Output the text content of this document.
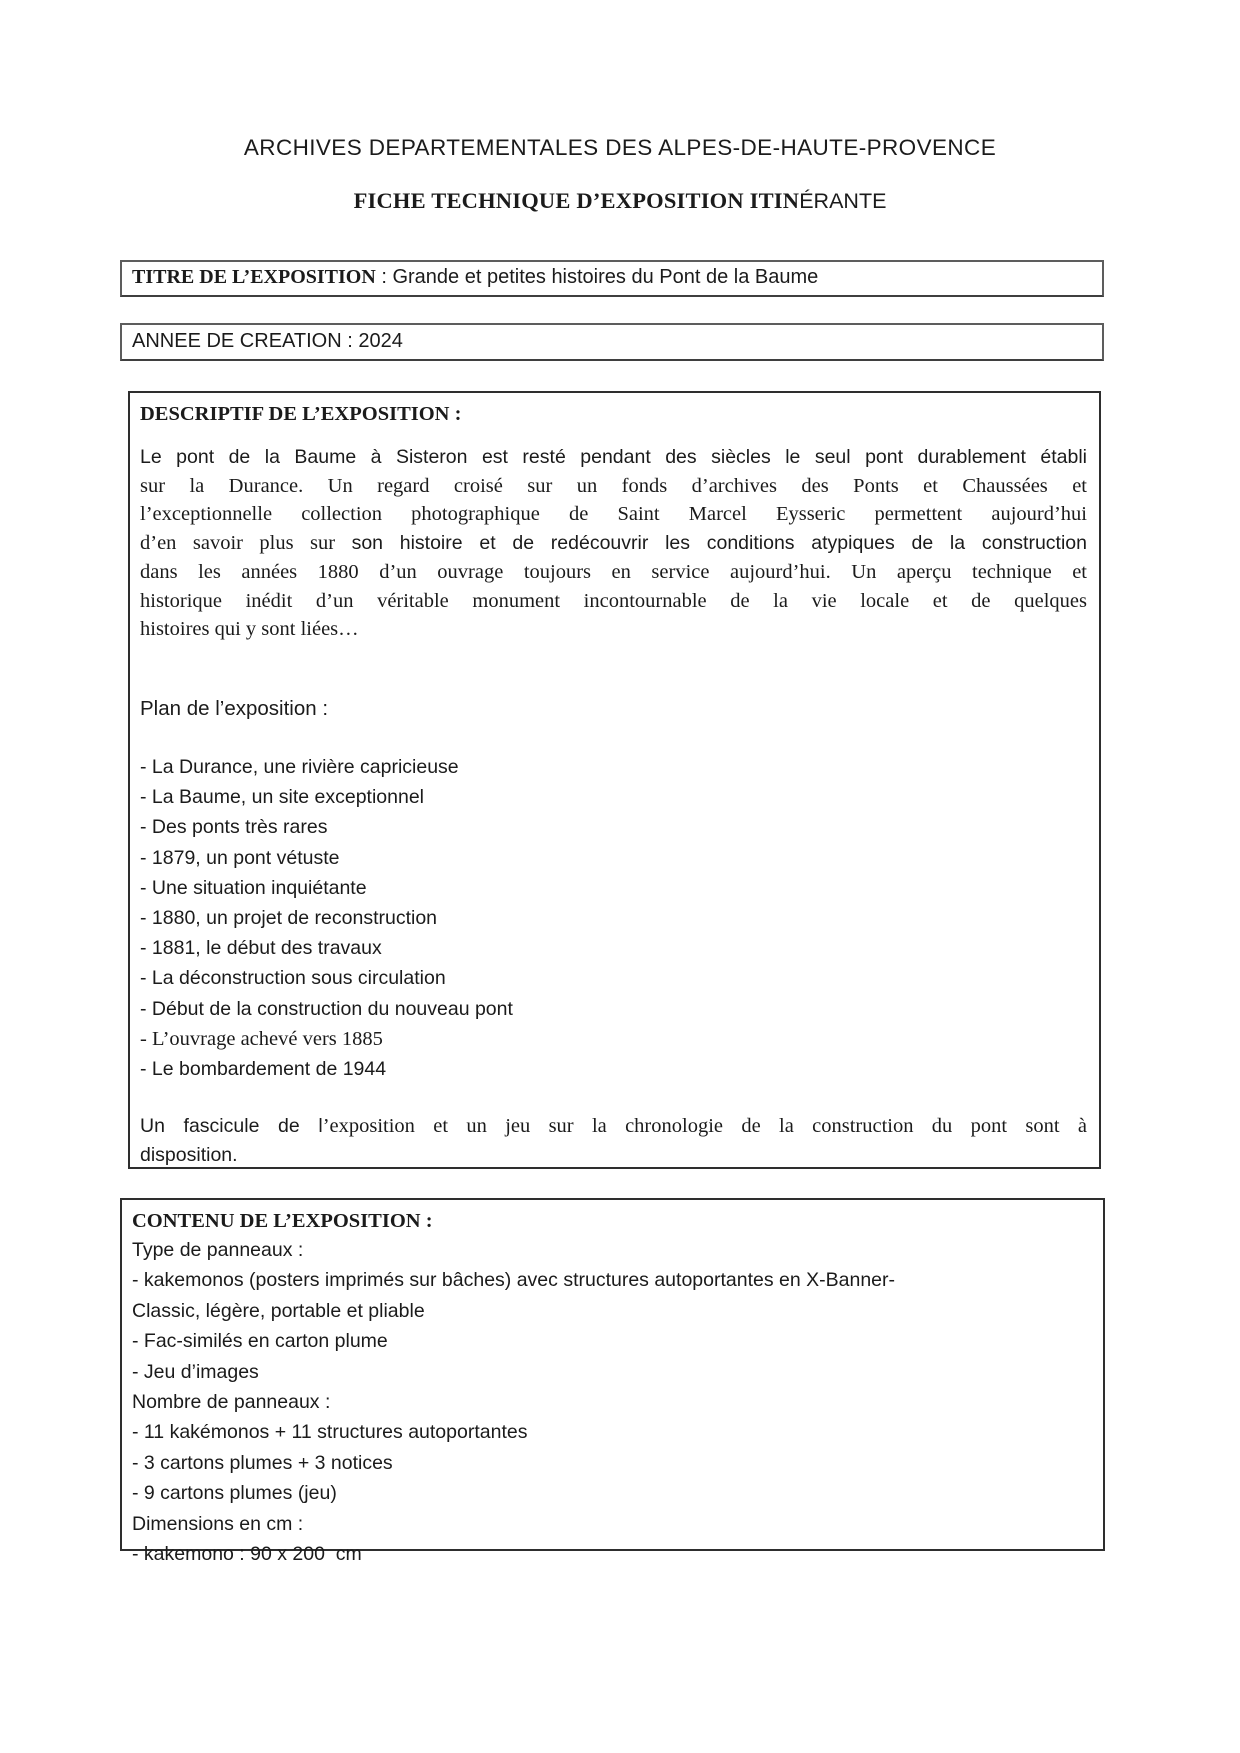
ARCHIVES DEPARTEMENTALES DES ALPES-DE-HAUTE-PROVENCE
FICHE TECHNIQUE D’EXPOSITION ITINÉRANTE
TITRE DE L’EXPOSITION : Grande et petites histoires du Pont de la Baume
ANNEE DE CREATION : 2024
DESCRIPTIF DE L’EXPOSITION :
Le pont de la Baume à Sisteron est resté pendant des siècles le seul pont durablement établi
sur la Durance. Un regard croisé sur un fonds d’archives des Ponts et Chaussées et
l’exceptionnelle collection photographique de Saint Marcel Eysseric permettent aujourd’hui
d’en savoir plus sur son histoire et de redécouvrir les conditions atypiques de la construction
dans les années 1880 d’un ouvrage toujours en service aujourd’hui. Un aperçu technique et
historique inédit d’un véritable monument incontournable de la vie locale et de quelques
histoires qui y sont liées…
Plan de l’exposition :
- La Durance, une rivière capricieuse
- La Baume, un site exceptionnel
- Des ponts très rares
- 1879, un pont vétuste
- Une situation inquiétante
- 1880, un projet de reconstruction
- 1881, le début des travaux
- La déconstruction sous circulation
- Début de la construction du nouveau pont
- L’ouvrage achevé vers 1885
- Le bombardement de 1944
Un fascicule de l’exposition et un jeu sur la chronologie de la construction du pont sont à
disposition.
CONTENU DE L’EXPOSITION :
Type de panneaux :
- kakemonos (posters imprimés sur bâches) avec structures autoportantes en X-Banner-
Classic, légère, portable et pliable
- Fac-similés en carton plume
- Jeu d’images
Nombre de panneaux :
- 11 kakémonos + 11 structures autoportantes
- 3 cartons plumes + 3 notices
- 9 cartons plumes (jeu)
Dimensions en cm :
- kakemono : 90 x 200  cm
